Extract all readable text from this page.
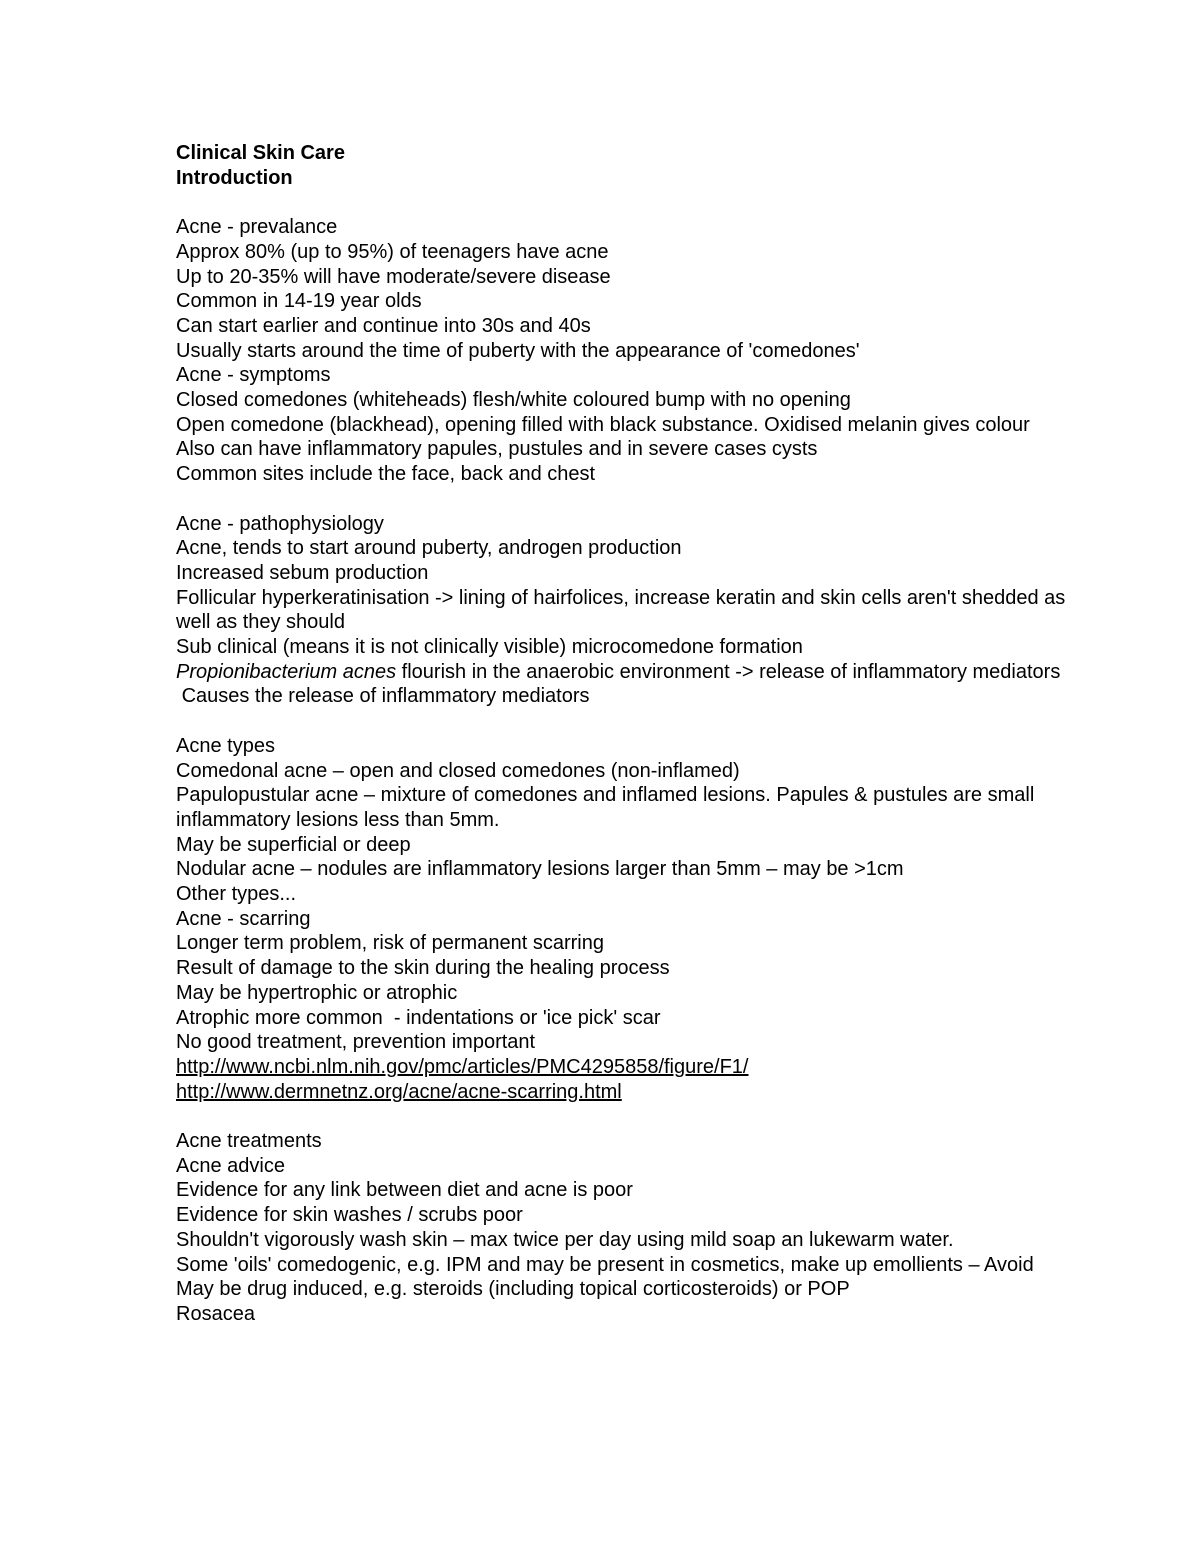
Clinical Skin Care

Introduction

Acne - prevalance

Approx 80% (up to 95%) of teenagers have acne

Up to 20-35% will have moderate/severe disease

Common in 14-19 year olds

Can start earlier and continue into 30s and 40s

Usually starts around the time of puberty with the appearance of 'comedones'

Acne - symptoms

Closed comedones (whiteheads) flesh/white coloured bump with no opening

Open comedone (blackhead), opening filled with black substance. Oxidised melanin gives colour

Also can have inflammatory papules, pustules and in severe cases cysts

Common sites include the face, back and chest

Acne - pathophysiology

Acne, tends to start around puberty, androgen production

Increased sebum production

Follicular hyperkeratinisation -> lining of hairfolices, increase keratin and skin cells aren't shedded as well as they should

Sub clinical (means it is not clinically visible) microcomedone formation

Propionibacterium acnes flourish in the anaerobic environment -> release of inflammatory mediators

Causes the release of inflammatory mediators

Acne types

Comedonal acne – open and closed comedones (non-inflamed)

Papulopustular acne – mixture of comedones and inflamed lesions. Papules & pustules are small inflammatory lesions less than 5mm.

May be superficial or deep

Nodular acne – nodules are inflammatory lesions larger than 5mm – may be >1cm

Other types...

Acne - scarring

Longer term problem, risk of permanent scarring

Result of damage to the skin during the healing process

May be hypertrophic or atrophic

Atrophic more common  - indentations or 'ice pick' scar

No good treatment, prevention important

http://www.ncbi.nlm.nih.gov/pmc/articles/PMC4295858/figure/F1/

http://www.dermnetnz.org/acne/acne-scarring.html

Acne treatments

Acne advice

Evidence for any link between diet and acne is poor

Evidence for skin washes / scrubs poor

Shouldn't vigorously wash skin – max twice per day using mild soap an lukewarm water.

Some 'oils' comedogenic, e.g. IPM and may be present in cosmetics, make up emollients – Avoid

May be drug induced, e.g. steroids (including topical corticosteroids) or POP

Rosacea
